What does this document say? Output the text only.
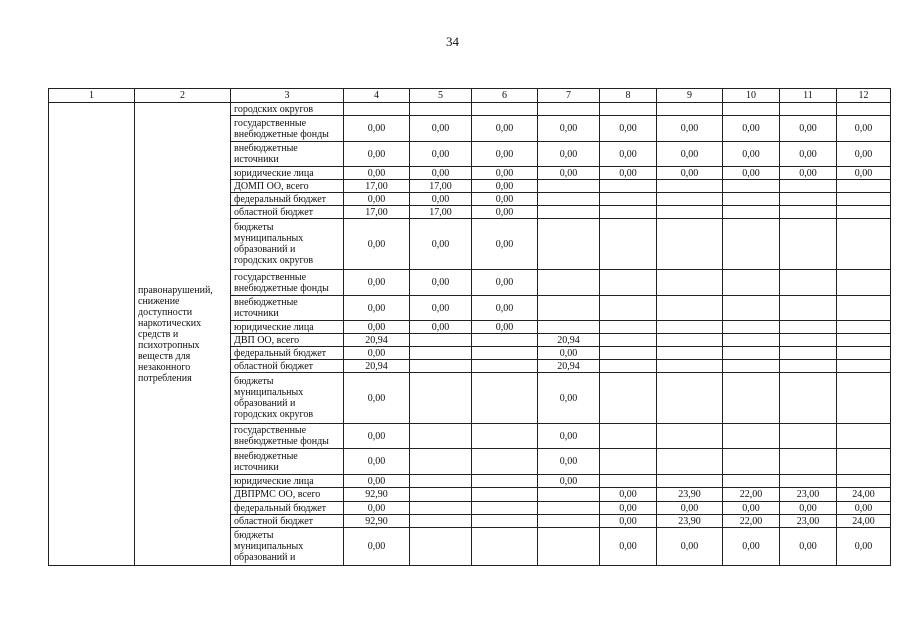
34
1	2	3	4	5	6	7	8	9	10	11	12
	правонарушений, снижение доступности наркотических средств и психотропных веществ для незаконного потребления	городских округов									
		государственные внебюджетные фонды	0,00	0,00	0,00	0,00	0,00	0,00	0,00	0,00	0,00
		внебюджетные источники	0,00	0,00	0,00	0,00	0,00	0,00	0,00	0,00	0,00
		юридические лица	0,00	0,00	0,00	0,00	0,00	0,00	0,00	0,00	0,00
		ДОМП ОО, всего	17,00	17,00	0,00						
		федеральный бюджет	0,00	0,00	0,00						
		областной бюджет	17,00	17,00	0,00						
		бюджеты муниципальных образований и городских округов	0,00	0,00	0,00						
		государственные внебюджетные фонды	0,00	0,00	0,00						
		внебюджетные источники	0,00	0,00	0,00						
		юридические лица	0,00	0,00	0,00						
		ДВП ОО, всего	20,94			20,94					
		федеральный бюджет	0,00			0,00					
		областной бюджет	20,94			20,94					
		бюджеты муниципальных образований и городских округов	0,00			0,00					
		государственные внебюджетные фонды	0,00			0,00					
		внебюджетные источники	0,00			0,00					
		юридические лица	0,00			0,00					
		ДВПРМС ОО, всего	92,90				0,00	23,90	22,00	23,00	24,00
		федеральный бюджет	0,00				0,00	0,00	0,00	0,00	0,00
		областной бюджет	92,90				0,00	23,90	22,00	23,00	24,00
		бюджеты муниципальных образований и	0,00				0,00	0,00	0,00	0,00	0,00
